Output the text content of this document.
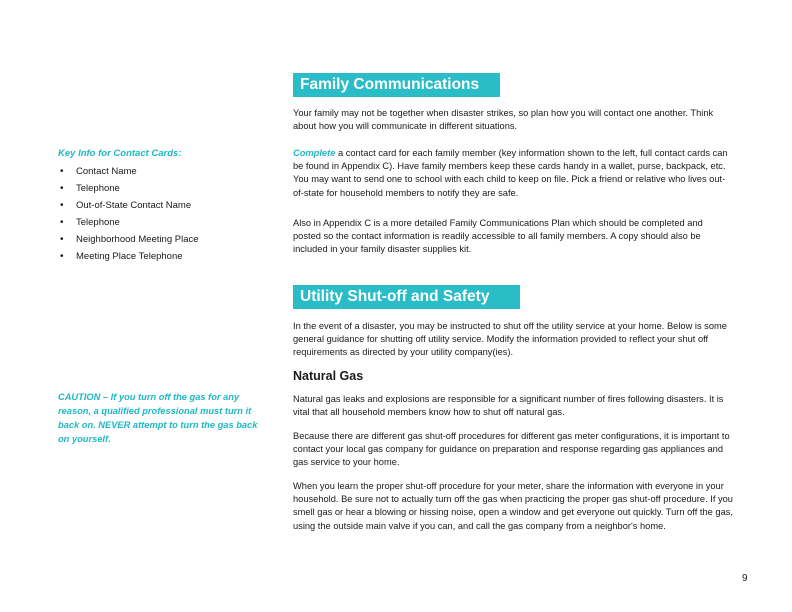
Key Info for Contact Cards:
• Contact Name
• Telephone
• Out-of-State Contact Name
• Telephone
• Neighborhood Meeting Place
• Meeting Place Telephone
CAUTION – If you turn off the gas for any reason, a qualified professional must turn it back on. NEVER attempt to turn the gas back on yourself.
Family Communications

Your family may not be together when disaster strikes, so plan how you will contact one another. Think about how you will communicate in different situations.

Complete a contact card for each family member (key information shown to the left, full contact cards can be found in Appendix C). Have family members keep these cards handy in a wallet, purse, backpack, etc. You may want to send one to school with each child to keep on file. Pick a friend or relative who lives out-of-state for household members to notify they are safe.

Also in Appendix C is a more detailed Family Communications Plan which should be completed and posted so the contact information is readily accessible to all family members. A copy should also be included in your family disaster supplies kit.

Utility Shut-off and Safety

In the event of a disaster, you may be instructed to shut off the utility service at your home. Below is some general guidance for shutting off utility service. Modify the information provided to reflect your shut off requirements as directed by your utility company(ies).

Natural Gas

Natural gas leaks and explosions are responsible for a significant number of fires following disasters. It is vital that all household members know how to shut off natural gas.

Because there are different gas shut-off procedures for different gas meter configurations, it is important to contact your local gas company for guidance on preparation and response regarding gas appliances and gas service to your home.

When you learn the proper shut-off procedure for your meter, share the information with everyone in your household. Be sure not to actually turn off the gas when practicing the proper gas shut-off procedure. If you smell gas or hear a blowing or hissing noise, open a window and get everyone out quickly. Turn off the gas, using the outside main valve if you can, and call the gas company from a neighbor's home.

9
